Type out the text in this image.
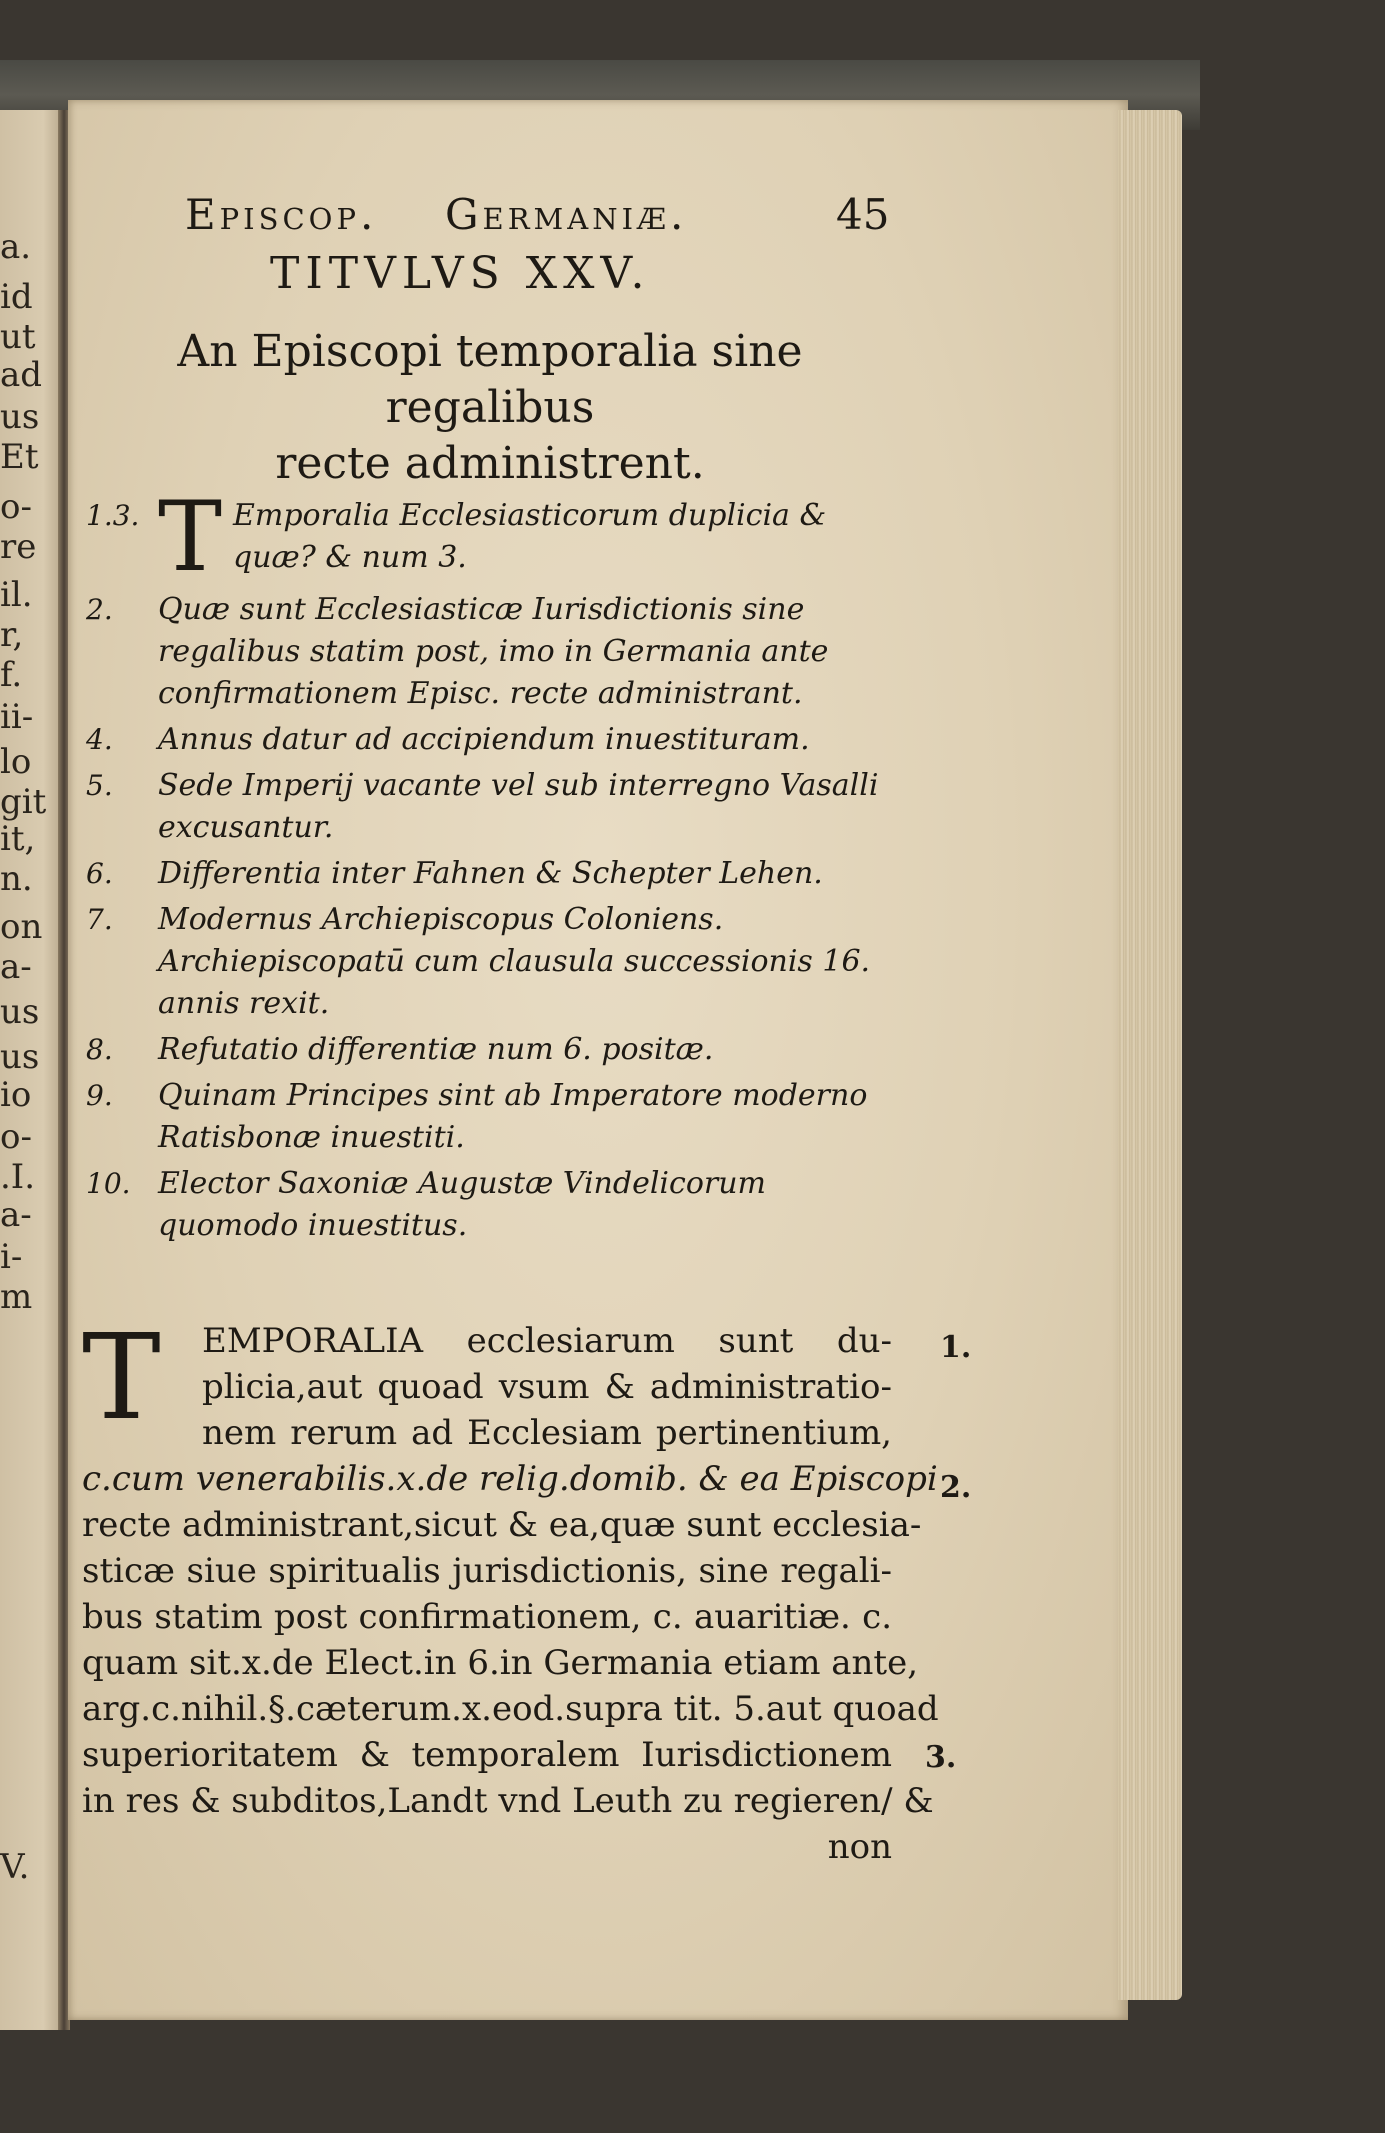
a.
id
ut
ad
us
Et
o-
re
il.
r,
f.
ii-
lo
git
it,
n.
on
a-
us
us
io
o-
.I.
a-
i-
m
V.
Episcop. Germaniæ.	45
TITVLVS XXV.
An Episcopi temporalia sine regalibus
recte administrent.
1.3. T Emporalia Ecclesiasticorum duplicia & quæ? & num 3.
2. Quæ sunt Ecclesiasticæ Iurisdictionis sine regalibus statim post, imo in Germania ante confirmationem Episc. recte administrant.
4. Annus datur ad accipiendum inuestituram.
5. Sede Imperij vacante vel sub interregno Vasalli excusantur.
6. Differentia inter Fahnen & Schepter Lehen.
7. Modernus Archiepiscopus Coloniens. Archiepiscopatū cum clausula successionis 16. annis rexit.
8. Refutatio differentiæ num 6. positæ.
9. Quinam Principes sint ab Imperatore moderno Ratisbonæ inuestiti.
10. Elector Saxoniæ Augustæ Vindelicorum quomodo inuestitus.
T	EMPORALIA ecclesiarum sunt du-
plicia,aut quoad vsum & administratio-
nem rerum ad Ecclesiam pertinentium,
c.cum venerabilis.x.de relig.domib. & ea Episcopi
recte administrant,sicut & ea,quæ sunt ecclesia-
sticæ siue spiritualis jurisdictionis, sine regali-
bus statim post confirmationem, c. auaritiæ. c.
quam sit.x.de Elect.in 6.in Germania etiam ante,
arg.c.nihil.§.cæterum.x.eod.supra tit. 5.aut quoad
superioritatem & temporalem Iurisdictionem
in res & subditos,Landt vnd Leuth zu regieren/ &
non
1.
2.
3.
